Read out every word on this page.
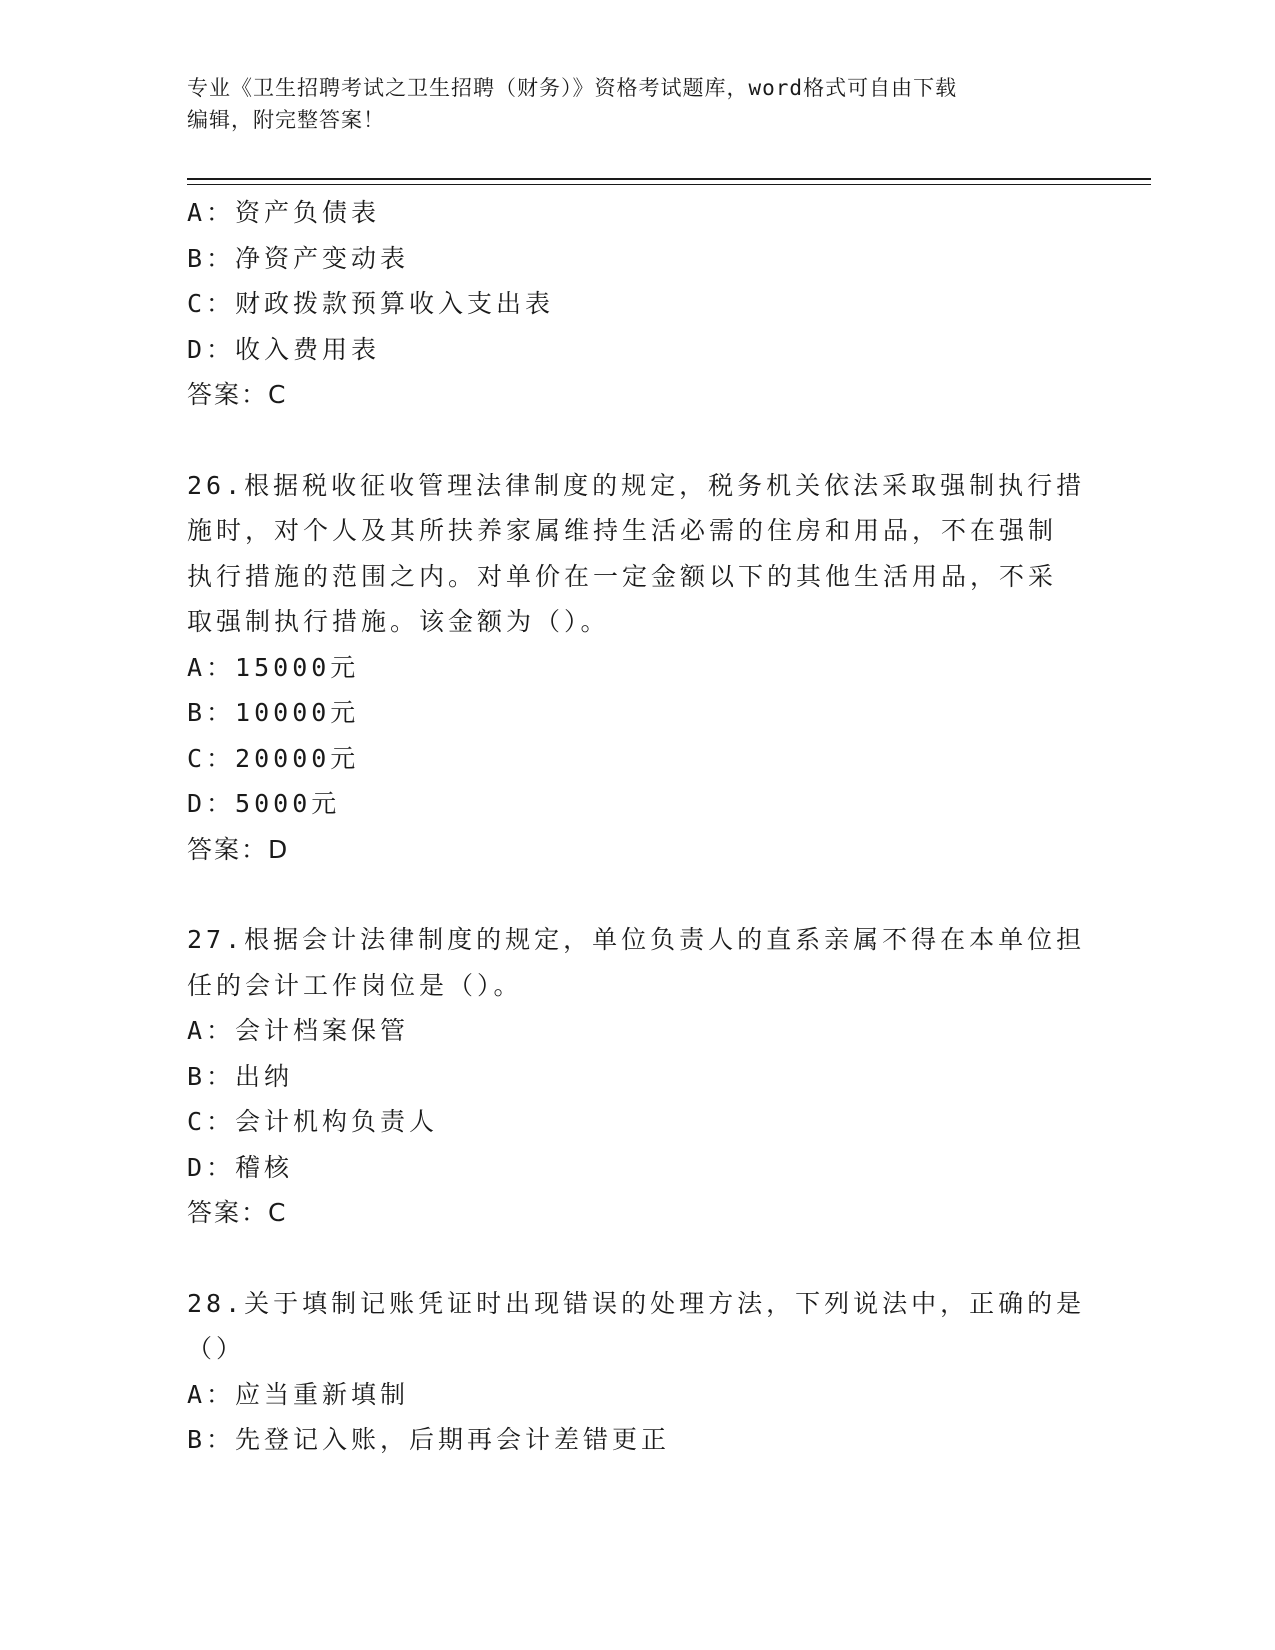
专业《卫生招聘考试之卫生招聘（财务）》资格考试题库，word格式可自由下载
编辑，附完整答案！
A：资产负债表
B：净资产变动表
C：财政拨款预算收入支出表
D：收入费用表
答案：C
26.根据税收征收管理法律制度的规定，税务机关依法采取强制执行措
施时，对个人及其所扶养家属维持生活必需的住房和用品，不在强制
执行措施的范围之内。对单价在一定金额以下的其他生活用品，不采
取强制执行措施。该金额为（）。
A：15000元
B：10000元
C：20000元
D：5000元
答案：D
27.根据会计法律制度的规定，单位负责人的直系亲属不得在本单位担
任的会计工作岗位是（）。
A：会计档案保管
B：出纳
C：会计机构负责人
D：稽核
答案：C
28.关于填制记账凭证时出现错误的处理方法，下列说法中，正确的是
（）
A：应当重新填制
B：先登记入账，后期再会计差错更正
